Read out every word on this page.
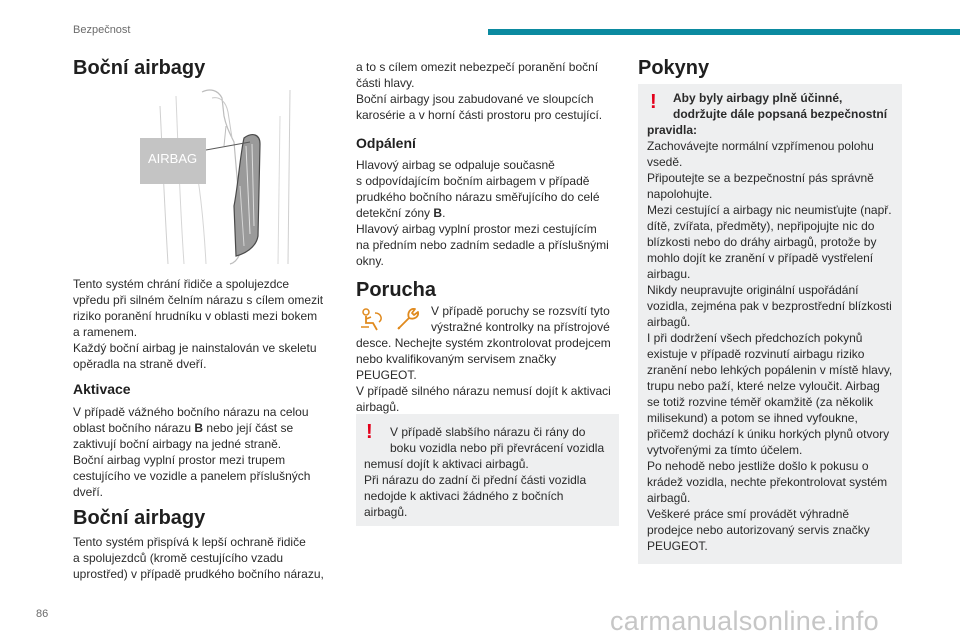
Bezpečnost
86	carmanualsonline.info
Boční airbagy
AIRBAG

Tento systém chrání řidiče a spolujezdce
vpředu při silném čelním nárazu s cílem omezit
riziko poranění hrudníku v oblasti mezi bokem
a ramenem.
Každý boční airbag je nainstalován ve skeletu
opěradla na straně dveří.

Aktivace

V případě vážného bočního nárazu na celou
oblast bočního nárazu B nebo její část se
zaktivují boční airbagy na jedné straně.
Boční airbag vyplní prostor mezi trupem
cestujícího ve vozidle a panelem příslušných
dveří.

Boční airbagy

Tento systém přispívá k lepší ochraně řidiče
a spolujezdců (kromě cestujícího vzadu
uprostřed) v případě prudkého bočního nárazu,

a to s cílem omezit nebezpečí poranění boční
části hlavy.
Boční airbagy jsou zabudované ve sloupcích
karosérie a v horní části prostoru pro cestující.

Odpálení

Hlavový airbag se odpaluje současně
s odpovídajícím bočním airbagem v případě
prudkého bočního nárazu směřujícího do celé
detekční zóny B.
Hlavový airbag vyplní prostor mezi cestujícím
na předním nebo zadním sedadle a příslušnými
okny.

Porucha

V případě poruchy se rozsvítí tyto
výstražné kontrolky na přístrojové

desce. Nechejte systém zkontrolovat prodejcem
nebo kvalifikovaným servisem značky
PEUGEOT.
V případě silného nárazu nemusí dojít k aktivaci
airbagů.

! V případě slabšího nárazu či rány do
boku vozidla nebo při převrácení vozidla

nemusí dojít k aktivaci airbagů.
Při nárazu do zadní či přední části vozidla
nedojde k aktivaci žádného z bočních
airbagů.

Pokyny
! Aby byly airbagy plně účinné,
dodržujte dále popsaná bezpečnostní

pravidla:

Zachovávejte normální vzpřímenou polohu
vsedě.
Připoutejte se a bezpečnostní pás správně
napolohujte.
Mezi cestující a airbagy nic neumisťujte (např.
dítě, zvířata, předměty), nepřipojujte nic do
blízkosti nebo do dráhy airbagů, protože by
mohlo dojít ke zranění v případě vystřelení
airbagu.
Nikdy neupravujte originální uspořádání
vozidla, zejména pak v bezprostřední blízkosti
airbagů.
I při dodržení všech předchozích pokynů
existuje v případě rozvinutí airbagu riziko
zranění nebo lehkých popálenin v místě hlavy,
trupu nebo paží, které nelze vyloučit. Airbag
se totiž rozvine téměř okamžitě (za několik
milisekund) a potom se ihned vyfoukne,
přičemž dochází k úniku horkých plynů otvory
vytvořenými za tímto účelem.
Po nehodě nebo jestliže došlo k pokusu o
krádež vozidla, nechte překontrolovat systém
airbagů.
Veškeré práce smí provádět výhradně
prodejce nebo autorizovaný servis značky
PEUGEOT.
